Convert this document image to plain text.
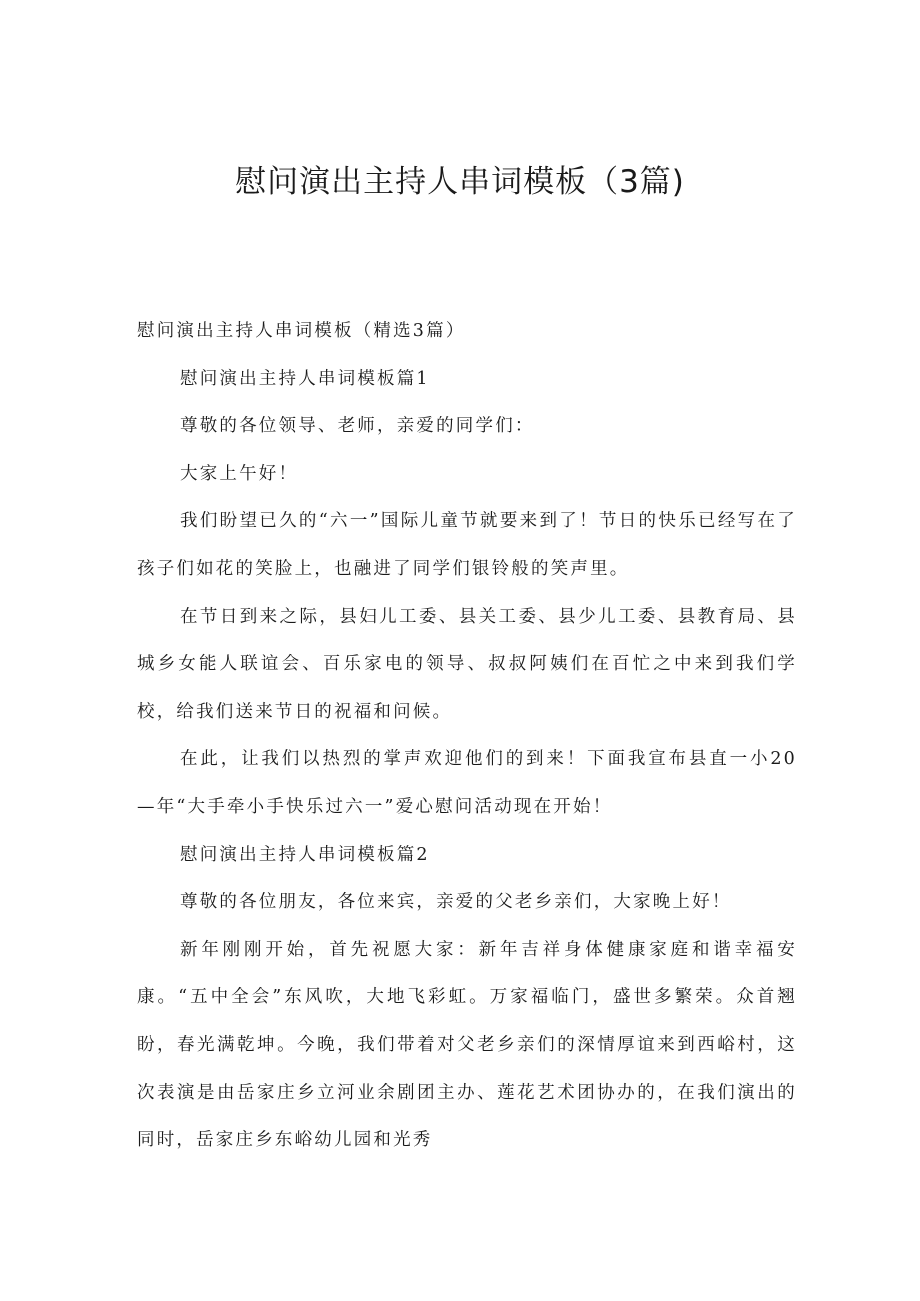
慰问演出主持人串词模板（3篇)

慰问演出主持人串词模板（精选3篇）

慰问演出主持人串词模板篇1

尊敬的各位领导、老师，亲爱的同学们：

大家上午好！

我们盼望已久的“六一”国际儿童节就要来到了！节日的快乐已经写在了孩子们如花的笑脸上，也融进了同学们银铃般的笑声里。

在节日到来之际，县妇儿工委、县关工委、县少儿工委、县教育局、县城乡女能人联谊会、百乐家电的领导、叔叔阿姨们在百忙之中来到我们学校，给我们送来节日的祝福和问候。

在此，让我们以热烈的掌声欢迎他们的到来！下面我宣布县直一小20—年“大手牵小手快乐过六一”爱心慰问活动现在开始！

慰问演出主持人串词模板篇2

尊敬的各位朋友，各位来宾，亲爱的父老乡亲们，大家晚上好！

新年刚刚开始，首先祝愿大家：新年吉祥身体健康家庭和谐幸福安康。“五中全会”东风吹，大地飞彩虹。万家福临门，盛世多繁荣。众首翘盼，春光满乾坤。今晚，我们带着对父老乡亲们的深情厚谊来到西峪村，这次表演是由岳家庄乡立河业余剧团主办、莲花艺术团协办的，在我们演出的同时，岳家庄乡东峪幼儿园和光秀
